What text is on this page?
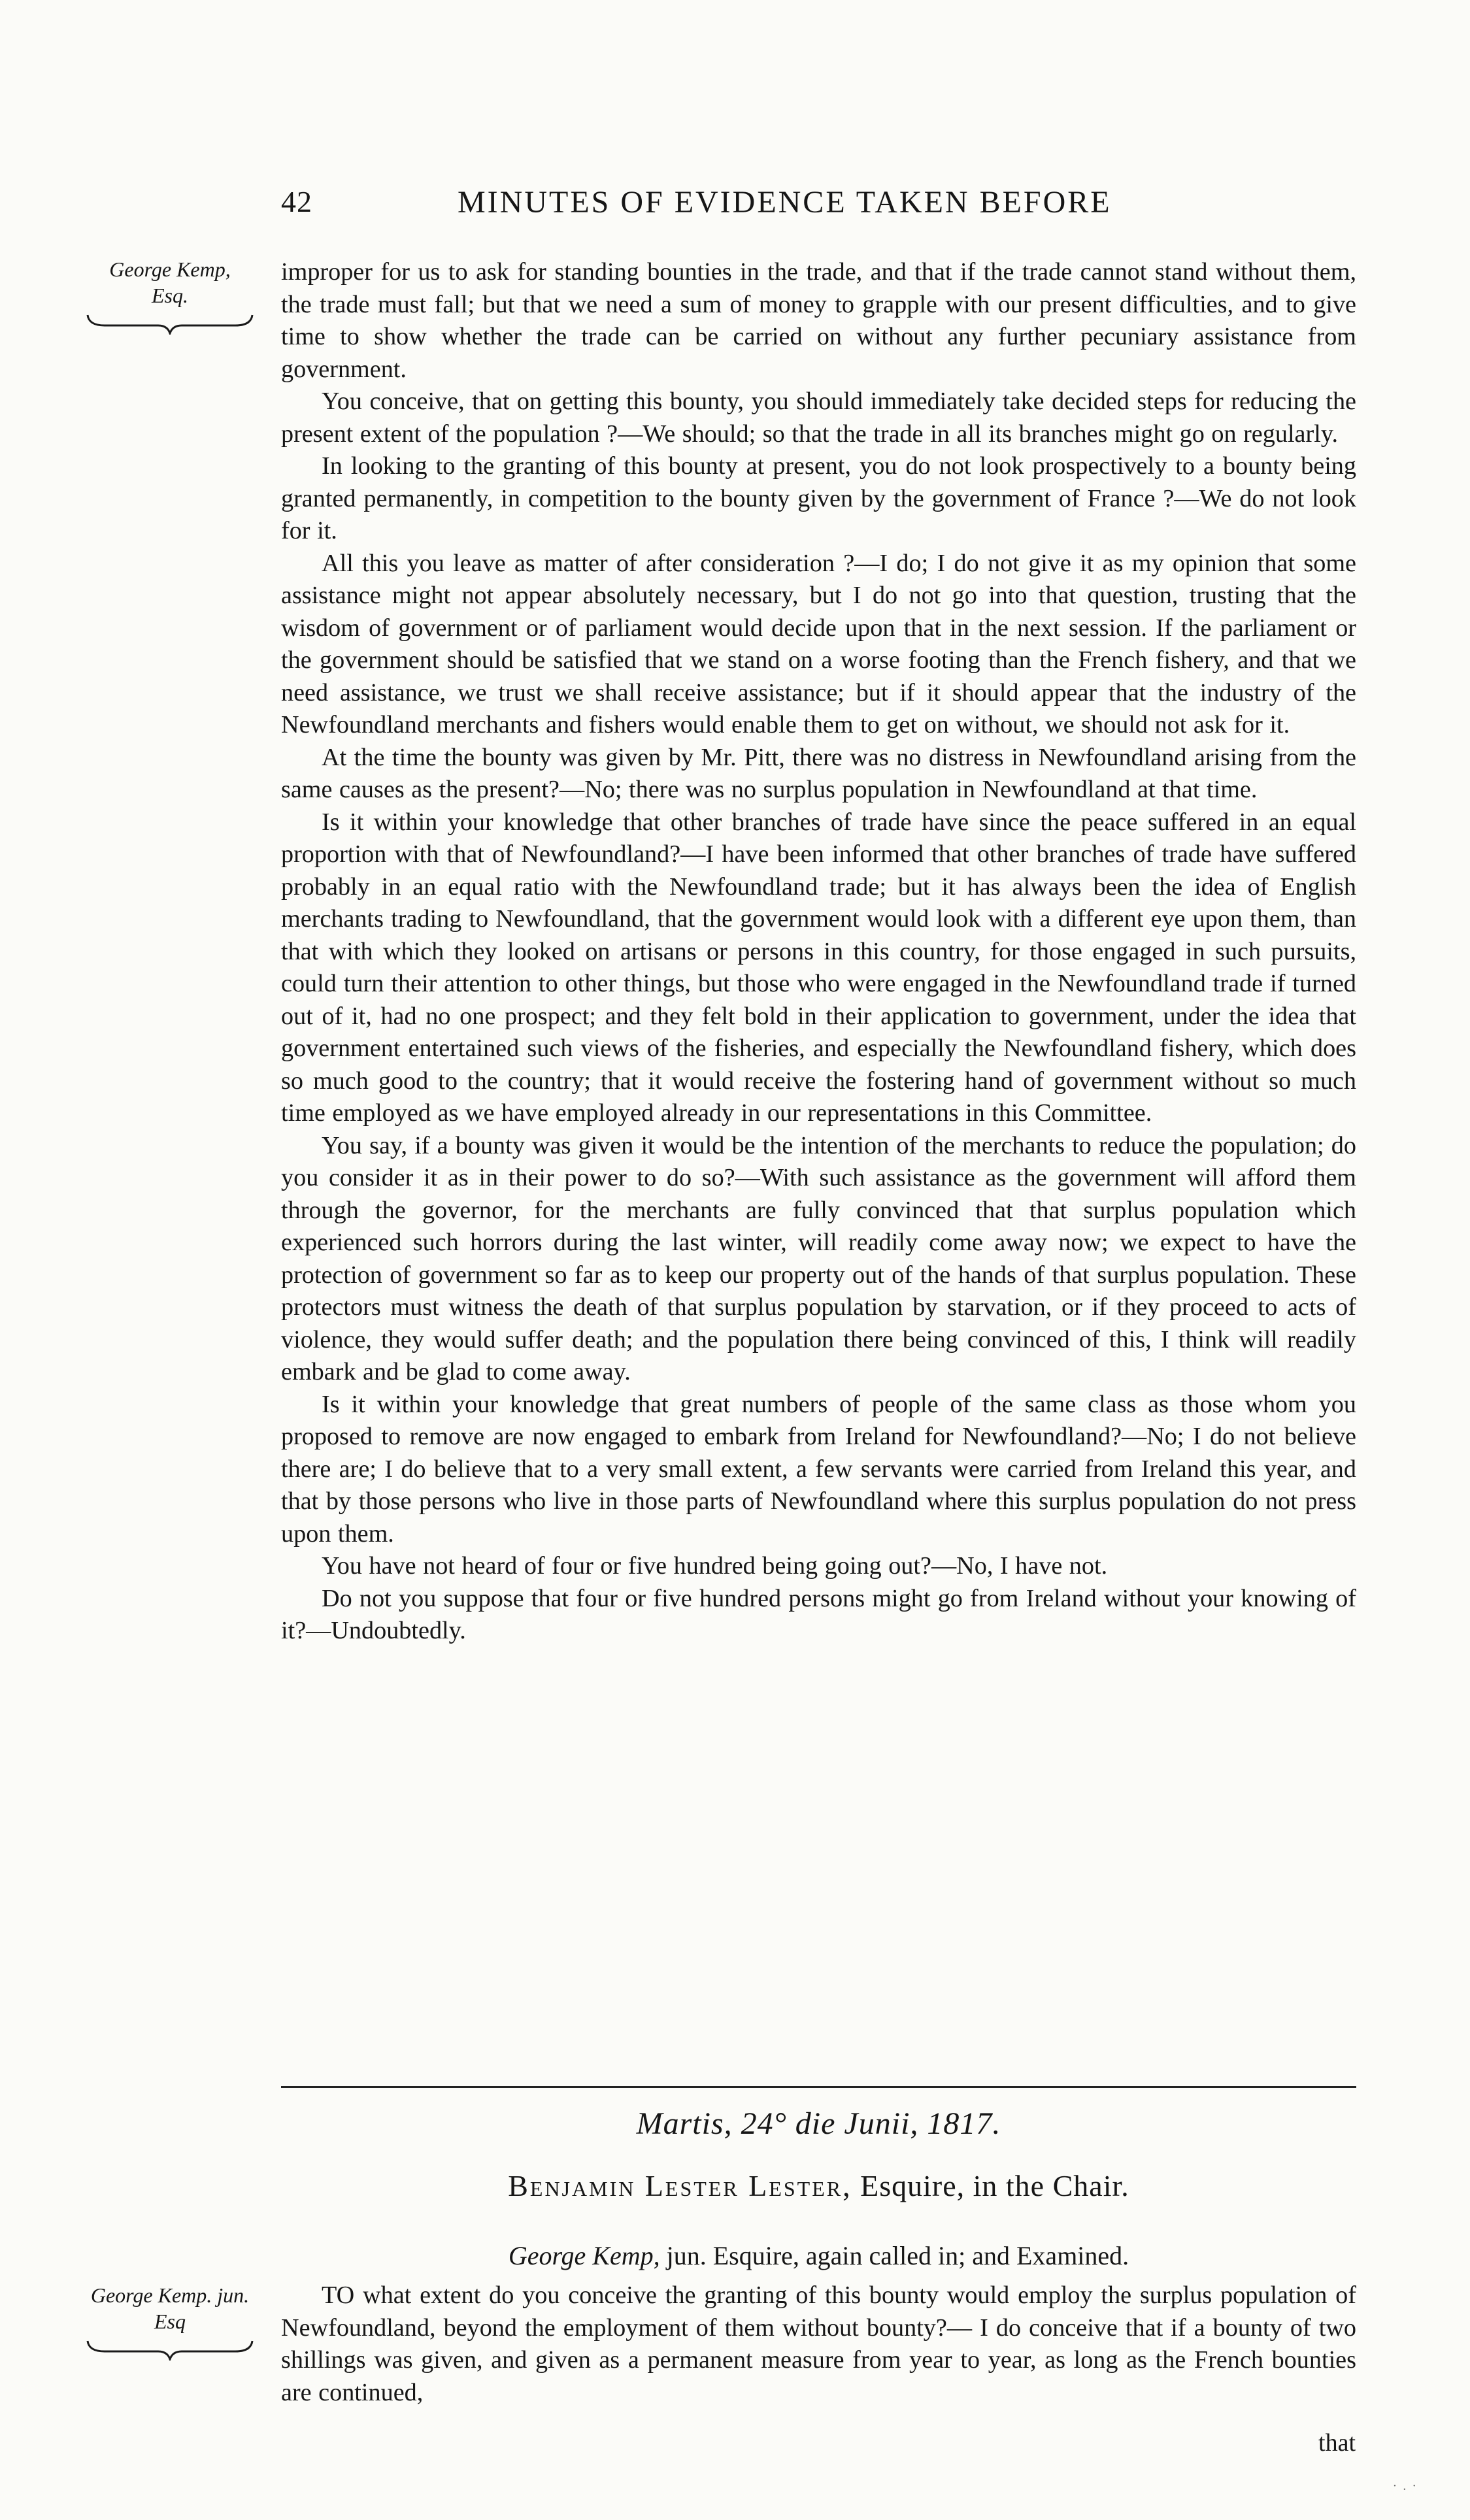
42	MINUTES OF EVIDENCE TAKEN BEFORE
George Kemp,
Esq.

improper for us to ask for standing bounties in the trade, and that if the trade cannot stand without them, the trade must fall; but that we need a sum of money to grapple with our present difficulties, and to give time to show whether the trade can be carried on without any further pecuniary assistance from government.

You conceive, that on getting this bounty, you should immediately take decided steps for reducing the present extent of the population ?—We should; so that the trade in all its branches might go on regularly.

In looking to the granting of this bounty at present, you do not look prospectively to a bounty being granted permanently, in competition to the bounty given by the government of France ?—We do not look for it.

All this you leave as matter of after consideration ?—I do; I do not give it as my opinion that some assistance might not appear absolutely necessary, but I do not go into that question, trusting that the wisdom of government or of parliament would decide upon that in the next session. If the parliament or the government should be satisfied that we stand on a worse footing than the French fishery, and that we need assistance, we trust we shall receive assistance; but if it should appear that the industry of the Newfoundland merchants and fishers would enable them to get on without, we should not ask for it.

At the time the bounty was given by Mr. Pitt, there was no distress in Newfoundland arising from the same causes as the present?—No; there was no surplus population in Newfoundland at that time.

Is it within your knowledge that other branches of trade have since the peace suffered in an equal proportion with that of Newfoundland?—I have been informed that other branches of trade have suffered probably in an equal ratio with the Newfoundland trade; but it has always been the idea of English merchants trading to Newfoundland, that the government would look with a different eye upon them, than that with which they looked on artisans or persons in this country, for those engaged in such pursuits, could turn their attention to other things, but those who were engaged in the Newfoundland trade if turned out of it, had no one prospect; and they felt bold in their application to government, under the idea that government entertained such views of the fisheries, and especially the Newfoundland fishery, which does so much good to the country; that it would receive the fostering hand of government without so much time employed as we have employed already in our representations in this Committee.

You say, if a bounty was given it would be the intention of the merchants to reduce the population; do you consider it as in their power to do so?—With such assistance as the government will afford them through the governor, for the merchants are fully convinced that that surplus population which experienced such horrors during the last winter, will readily come away now; we expect to have the protection of government so far as to keep our property out of the hands of that surplus population. These protectors must witness the death of that surplus population by starvation, or if they proceed to acts of violence, they would suffer death; and the population there being convinced of this, I think will readily embark and be glad to come away.

Is it within your knowledge that great numbers of people of the same class as those whom you proposed to remove are now engaged to embark from Ireland for Newfoundland?—No; I do not believe there are; I do believe that to a very small extent, a few servants were carried from Ireland this year, and that by those persons who live in those parts of Newfoundland where this surplus population do not press upon them.

You have not heard of four or five hundred being going out?—No, I have not.

Do not you suppose that four or five hundred persons might go from Ireland without your knowing of it?—Undoubtedly.

Martis, 24° die Junii, 1817.
Benjamin Lester Lester, Esquire, in the Chair.
George Kemp, jun. Esquire, again called in; and Examined.
George Kemp. jun.
Esq

TO what extent do you conceive the granting of this bounty would employ the surplus population of Newfoundland, beyond the employment of them without bounty?— I do conceive that if a bounty of two shillings was given, and given as a permanent measure from year to year, as long as the French bounties are continued,

that
· . ·
